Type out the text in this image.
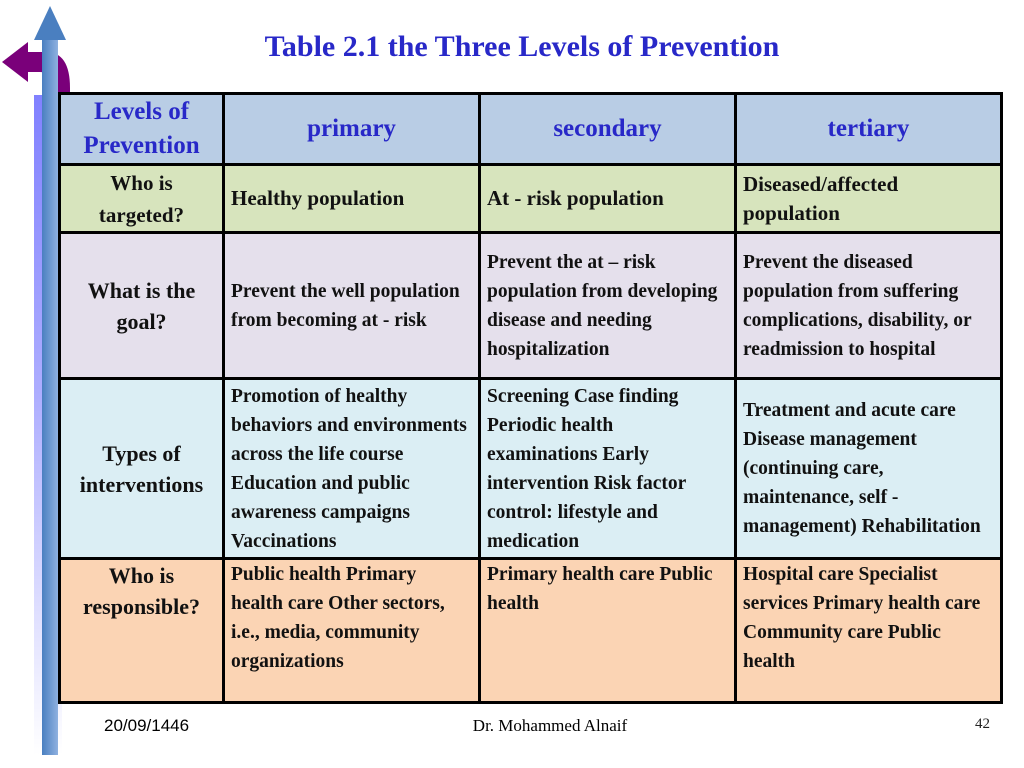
Table 2.1 the Three Levels of Prevention
Levels of Prevention	primary	secondary	tertiary
Who is targeted?	Healthy population	At - risk population	Diseased/affected population
What is the goal?	Prevent the well population from becoming at - risk	Prevent the at – risk population from developing disease and needing hospitalization	Prevent the diseased population from suffering complications, disability, or readmission to hospital
Types of interventions	Promotion of healthy behaviors and environments across the life course Education and public awareness campaigns Vaccinations	Screening Case finding Periodic health examinations Early intervention Risk factor control: lifestyle and medication	Treatment and acute care Disease management (continuing care, maintenance, self - management) Rehabilitation
Who is responsible?	Public health Primary health care Other sectors, i.e., media, community organizations	Primary health care Public health	Hospital care Specialist services Primary health care Community care Public health
20/09/1446	Dr. Mohammed Alnaif	42
